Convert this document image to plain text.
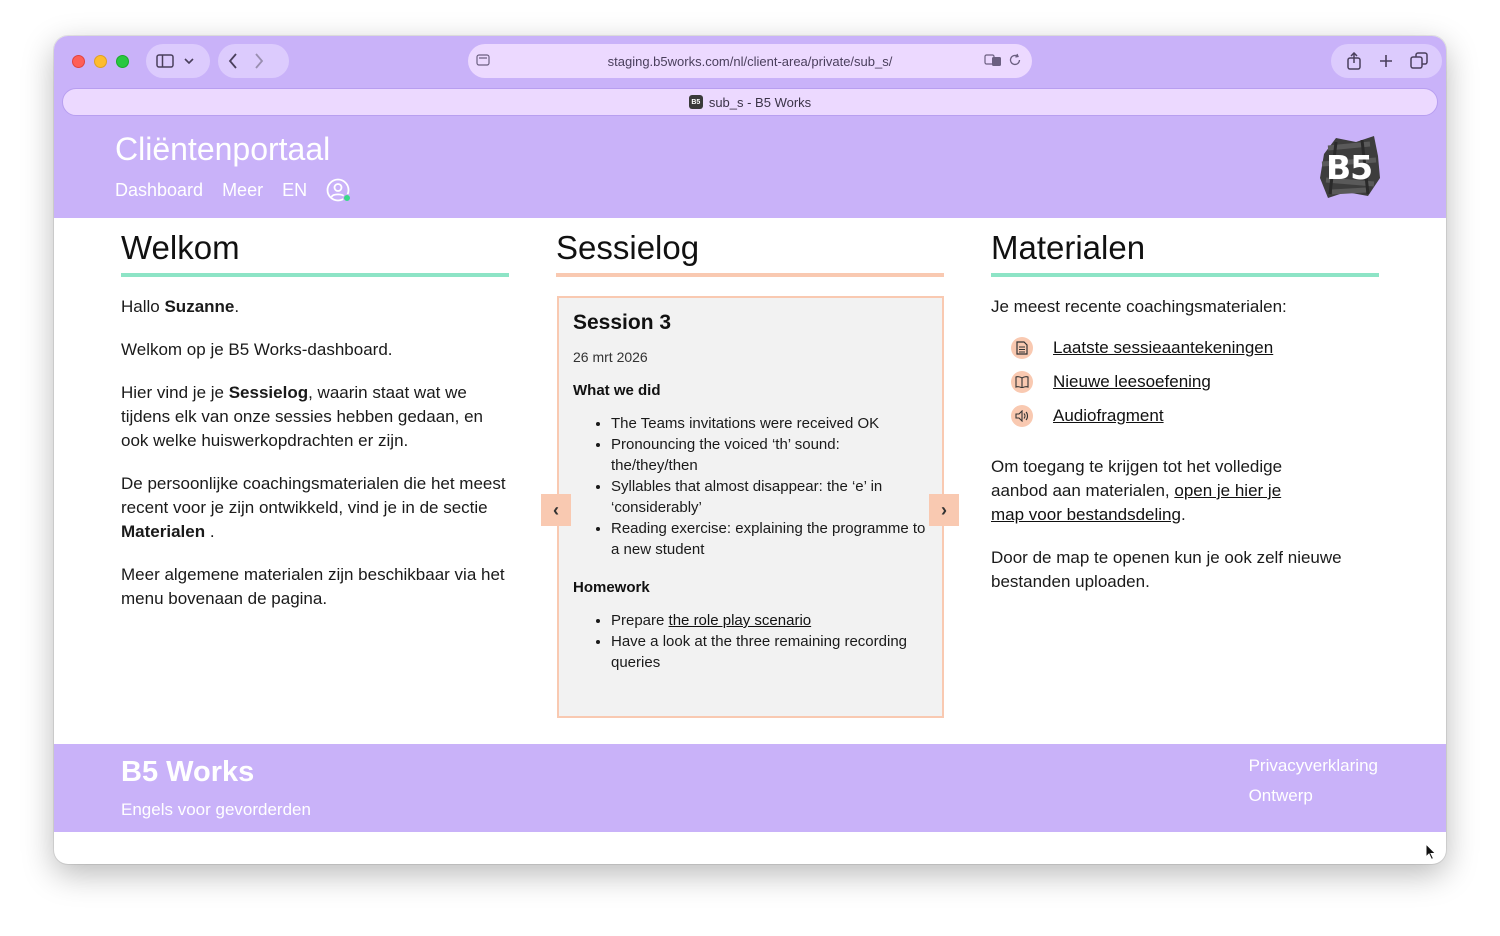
staging.b5works.com/nl/client-area/private/sub_s/
B5 sub_s - B5 Works
Cliëntenportaal
Dashboard Meer EN
B5
Welkom

Hallo Suzanne.

Welkom op je B5 Works-dashboard.

Hier vind je je Sessielog, waarin staat wat we tijdens elk van onze sessies hebben gedaan, en ook welke huiswerkopdrachten er zijn.

De persoonlijke coachingsmaterialen die het meest recent voor je zijn ontwikkeld, vind je in de sectie Materialen .

Meer algemene materialen zijn beschikbaar via het menu bovenaan de pagina.

Sessielog
Session 3
26 mrt 2026
What we did
• The Teams invitations were received OK
• Pronouncing the voiced ‘th’ sound: the/they/then
• Syllables that almost disappear: the ‘e’ in ‘considerably’
• Reading exercise: explaining the programme to a new student
Homework
• Prepare the role play scenario
• Have a look at the three remaining recording queries
‹	›
Materialen

Je meest recente coachingsmaterialen:

Laatste sessieaantekeningen
Nieuwe leesoefening
Audiofragment

Om toegang te krijgen tot het volledige aanbod aan materialen, open je hier je map voor bestandsdeling.

Door de map te openen kun je ook zelf nieuwe bestanden uploaden.

B5 Works
Engels voor gevorderden
Privacyverklaring
Ontwerp
